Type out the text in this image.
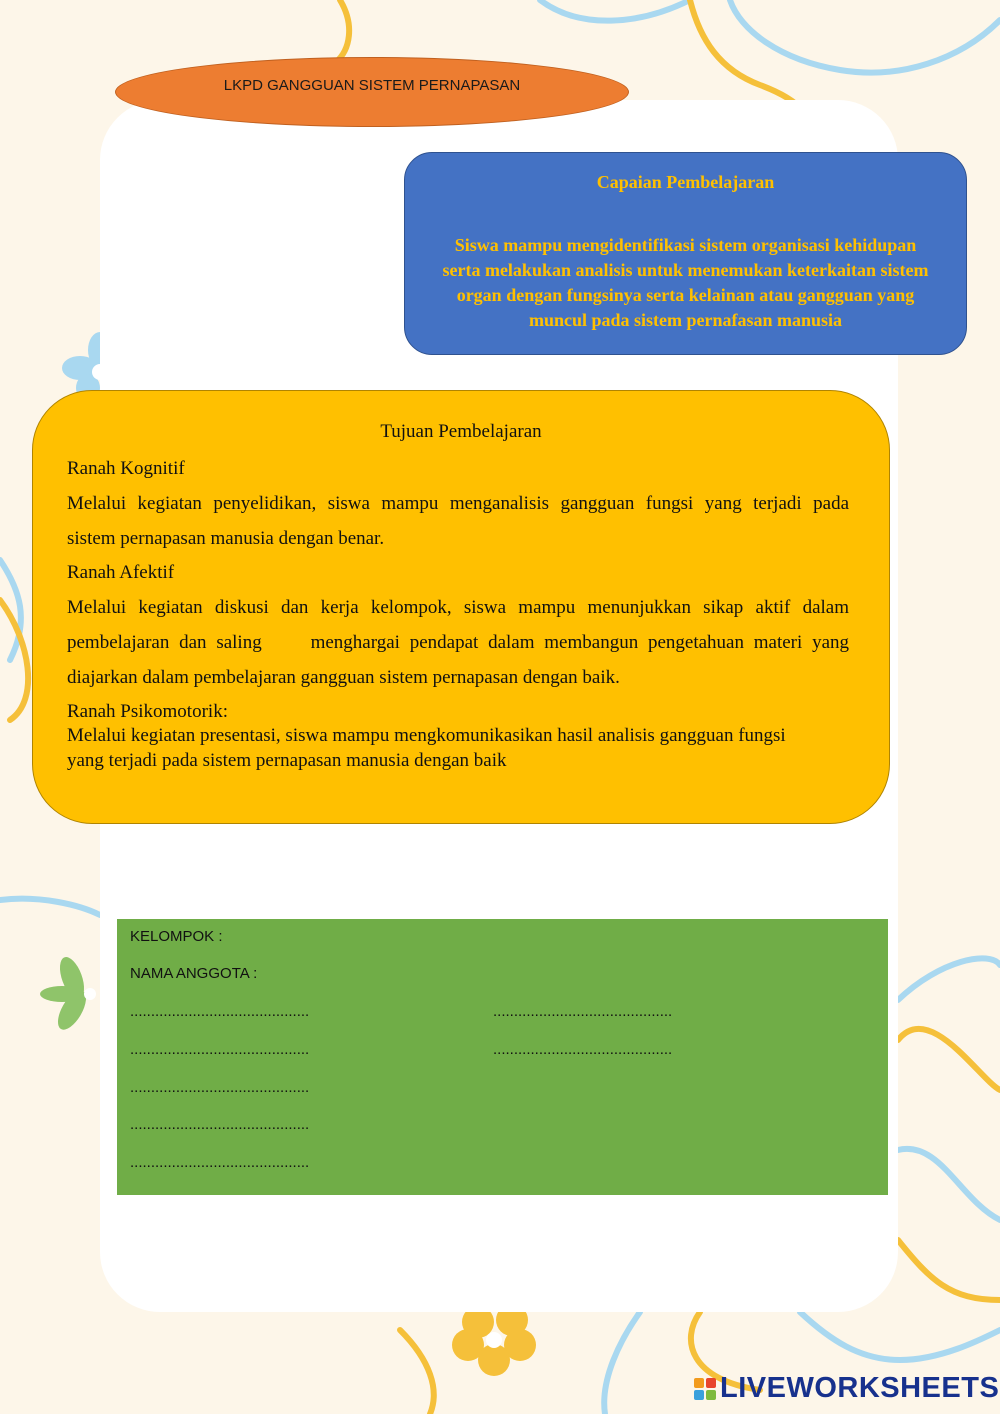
LKPD GANGGUAN SISTEM PERNAPASAN
Capaian Pembelajaran
Siswa mampu mengidentifikasi sistem organisasi kehidupan serta melakukan analisis untuk menemukan keterkaitan sistem organ dengan fungsinya serta kelainan atau gangguan yang muncul pada sistem pernafasan manusia
Tujuan Pembelajaran
Ranah Kognitif
Melalui kegiatan penyelidikan, siswa mampu menganalisis gangguan fungsi yang terjadi pada
sistem pernapasan manusia dengan benar.
Ranah Afektif
Melalui kegiatan diskusi dan kerja kelompok, siswa mampu menunjukkan sikap aktif dalam
pembelajaran dan saling     menghargai pendapat dalam membangun pengetahuan materi yang
diajarkan dalam pembelajaran gangguan sistem pernapasan dengan baik.
Ranah Psikomotorik:
Melalui kegiatan presentasi, siswa mampu mengkomunikasikan hasil analisis gangguan fungsi
yang terjadi pada sistem pernapasan manusia dengan baik
KELOMPOK :
NAMA ANGGOTA :
...........................................
...........................................
...........................................
...........................................
...........................................
...........................................
...........................................
LIVEWORKSHEETS
